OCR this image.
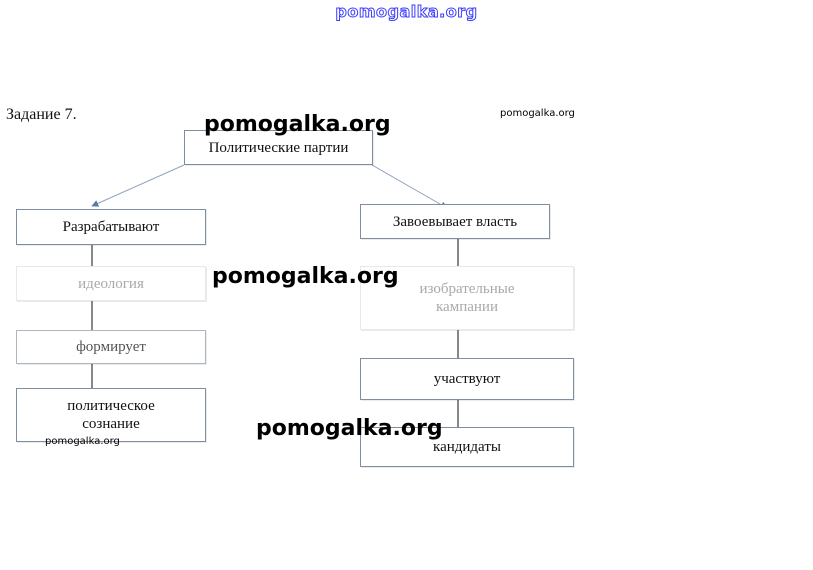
pomogalka.org
Задание 7.
Политические партии
Разрабатывают
идеология
формирует
политическое сознание
Завоевывает власть
изобрательные кампании
участвуют
кандидаты
pomogalka.org	pomogalka.org
pomogalka.org
pomogalka.org
pomogalka.org
